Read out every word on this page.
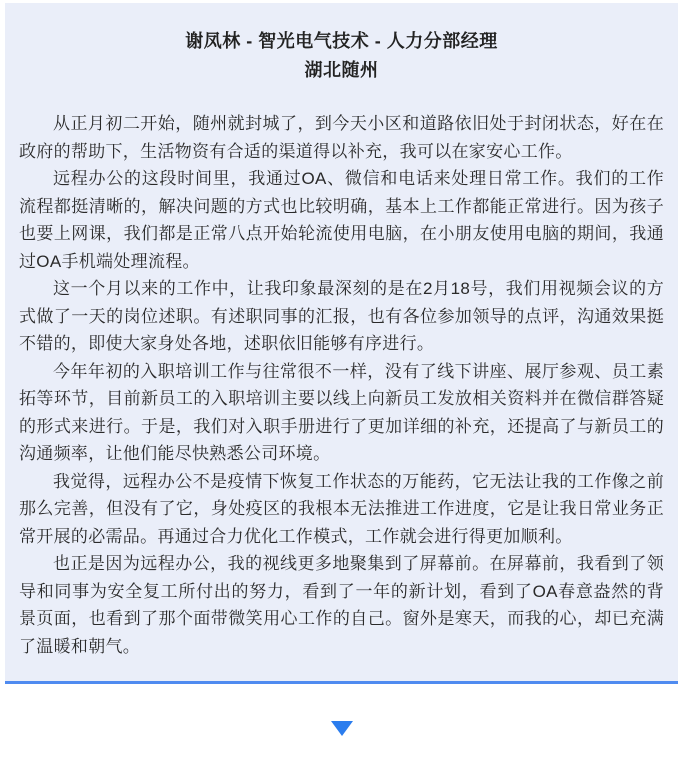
谢凤林 - 智光电气技术 - 人力分部经理
湖北随州

从正月初二开始，随州就封城了，到今天小区和道路依旧处于封闭状态，好在在政府的帮助下，生活物资有合适的渠道得以补充，我可以在家安心工作。

远程办公的这段时间里，我通过OA、微信和电话来处理日常工作。我们的工作流程都挺清晰的，解决问题的方式也比较明确，基本上工作都能正常进行。因为孩子也要上网课，我们都是正常八点开始轮流使用电脑，在小朋友使用电脑的期间，我通过OA手机端处理流程。

这一个月以来的工作中，让我印象最深刻的是在2月18号，我们用视频会议的方式做了一天的岗位述职。有述职同事的汇报，也有各位参加领导的点评，沟通效果挺不错的，即使大家身处各地，述职依旧能够有序进行。

今年年初的入职培训工作与往常很不一样，没有了线下讲座、展厅参观、员工素拓等环节，目前新员工的入职培训主要以线上向新员工发放相关资料并在微信群答疑的形式来进行。于是，我们对入职手册进行了更加详细的补充，还提高了与新员工的沟通频率，让他们能尽快熟悉公司环境。

我觉得，远程办公不是疫情下恢复工作状态的万能药，它无法让我的工作像之前那么完善，但没有了它，身处疫区的我根本无法推进工作进度，它是让我日常业务正常开展的必需品。再通过合力优化工作模式，工作就会进行得更加顺利。

也正是因为远程办公，我的视线更多地聚集到了屏幕前。在屏幕前，我看到了领导和同事为安全复工所付出的努力，看到了一年的新计划，看到了OA春意盎然的背景页面，也看到了那个面带微笑用心工作的自己。窗外是寒天，而我的心，却已充满了温暖和朝气。
